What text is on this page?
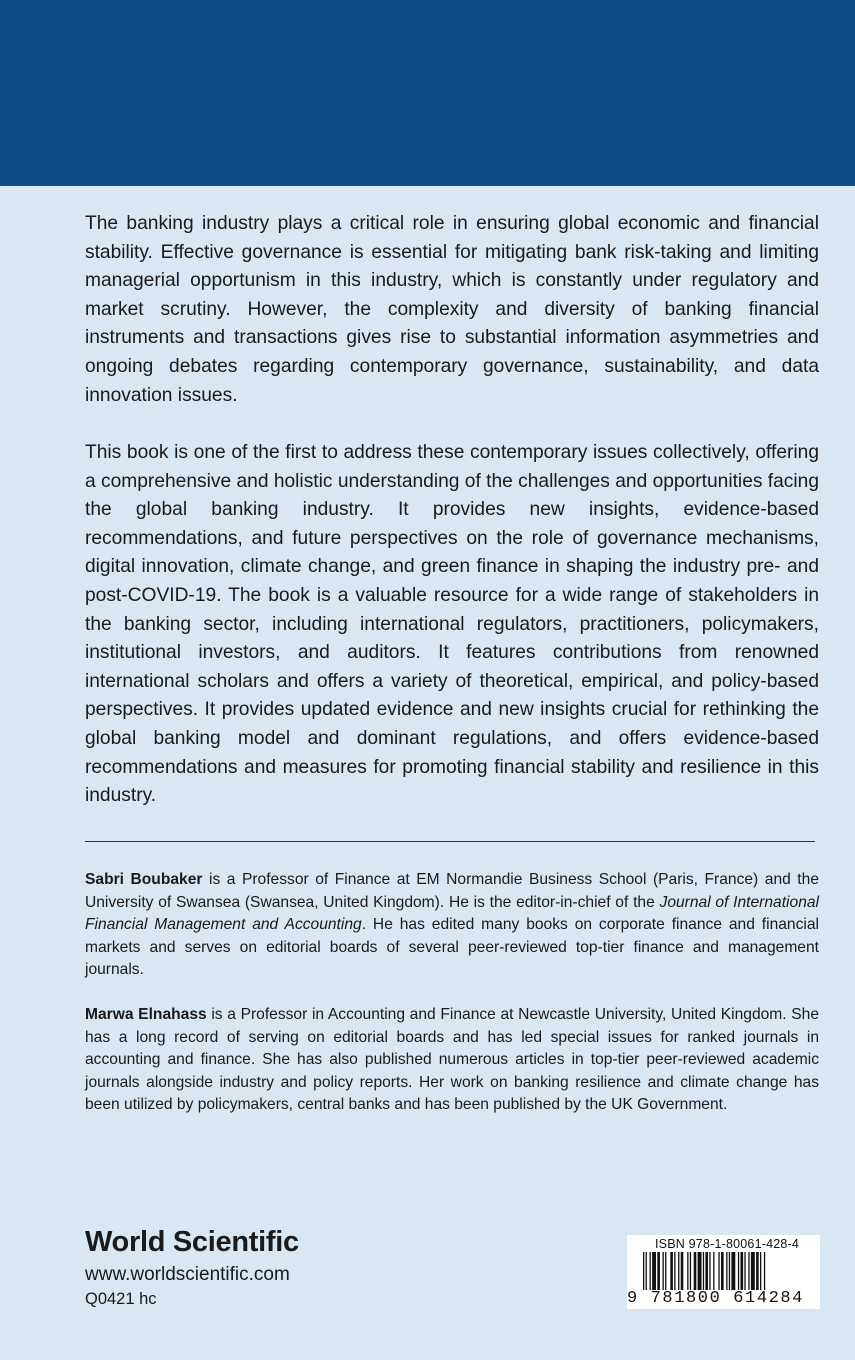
The banking industry plays a critical role in ensuring global economic and financial stability. Effective governance is essential for mitigating bank risk-taking and limiting managerial opportunism in this industry, which is constantly under regulatory and market scrutiny. However, the complexity and diversity of banking financial instruments and transactions gives rise to substantial information asymmetries and ongoing debates regarding contemporary governance, sustainability, and data innovation issues.

This book is one of the first to address these contemporary issues collectively, offering a comprehensive and holistic understanding of the challenges and opportunities facing the global banking industry. It provides new insights, evidence-based recommendations, and future perspectives on the role of governance mechanisms, digital innovation, climate change, and green finance in shaping the industry pre- and post-COVID-19. The book is a valuable resource for a wide range of stakeholders in the banking sector, including international regulators, practitioners, policymakers, institutional investors, and auditors. It features contributions from renowned international scholars and offers a variety of theoretical, empirical, and policy-based perspectives. It provides updated evidence and new insights crucial for rethinking the global banking model and dominant regulations, and offers evidence-based recommendations and measures for promoting financial stability and resilience in this industry.

Sabri Boubaker is a Professor of Finance at EM Normandie Business School (Paris, France) and the University of Swansea (Swansea, United Kingdom). He is the editor-in-chief of the Journal of International Financial Management and Accounting. He has edited many books on corporate finance and financial markets and serves on editorial boards of several peer-reviewed top-tier finance and management journals.

Marwa Elnahass is a Professor in Accounting and Finance at Newcastle University, United Kingdom. She has a long record of serving on editorial boards and has led special issues for ranked journals in accounting and finance. She has also published numerous articles in top-tier peer-reviewed academic journals alongside industry and policy reports. Her work on banking resilience and climate change has been utilized by policymakers, central banks and has been published by the UK Government.

World Scientific
www.worldscientific.com
Q0421 hc
ISBN 978-1-80061-428-4
9 781800 614284
